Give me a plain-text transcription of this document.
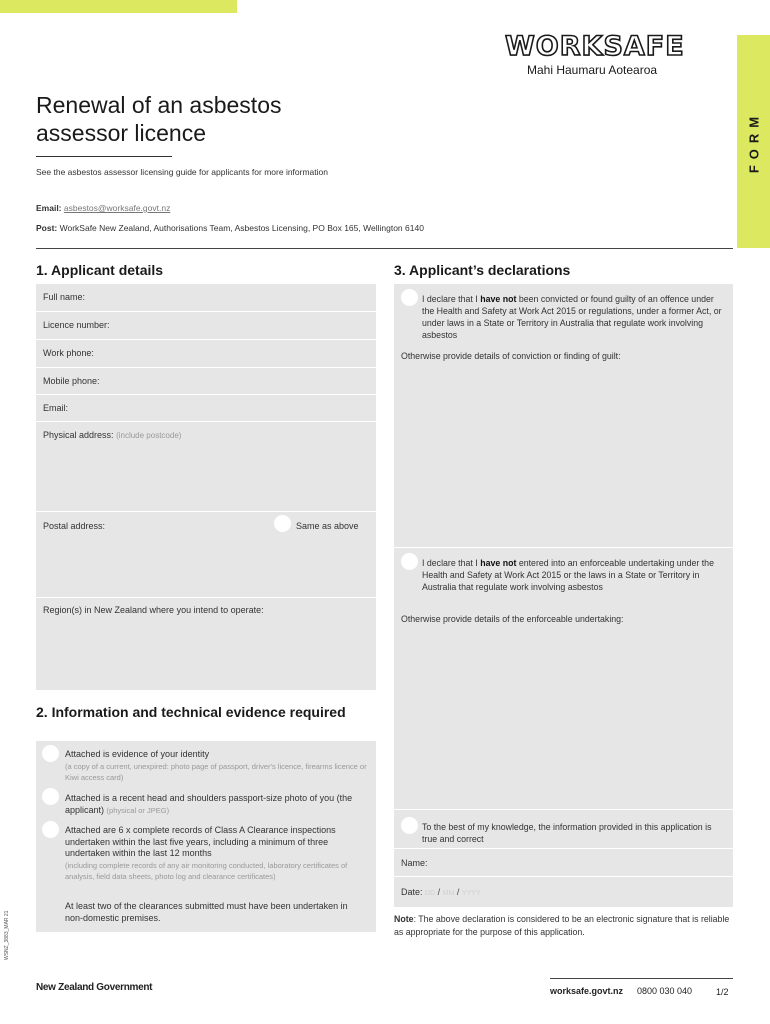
FORM
WORKSAFE
Mahi Haumaru Aotearoa
Renewal of an asbestos assessor licence
See the asbestos assessor licensing guide for applicants for more information
Email: asbestos@worksafe.govt.nz
Post: WorkSafe New Zealand, Authorisations Team, Asbestos Licensing, PO Box 165, Wellington 6140
1. Applicant details
Full name:
Licence number:
Work phone:
Mobile phone:
Email:
Physical address: (include postcode)
Postal address:	Same as above
Region(s) in New Zealand where you intend to operate:
2. Information and technical evidence required
Attached is evidence of your identity
(a copy of a current, unexpired: photo page of passport, driver's licence, firearms licence or Kiwi access card)
Attached is a recent head and shoulders passport-size photo of you (the applicant) (physical or JPEG)
Attached are 6 x complete records of Class A Clearance inspections undertaken within the last five years, including a minimum of three undertaken within the last 12 months
(including complete records of any air monitoring conducted, laboratory certificates of analysis, field data sheets, photo log and clearance certificates)
At least two of the clearances submitted must have been undertaken in non-domestic premises.
3. Applicant’s declarations
I declare that I have not been convicted or found guilty of an offence under the Health and Safety at Work Act 2015 or regulations, under a former Act, or under laws in a State or Territory in Australia that regulate work involving asbestos
Otherwise provide details of conviction or finding of guilt:
I declare that I have not entered into an enforceable undertaking under the Health and Safety at Work Act 2015 or the laws in a State or Territory in Australia that regulate work involving asbestos
Otherwise provide details of the enforceable undertaking:
To the best of my knowledge, the information provided in this application is true and correct
Name:
Date: DD / MM / YYYY
Note: The above declaration is considered to be an electronic signature that is reliable as appropriate for the purpose of this application.
WSNZ_3883_MAR 21
New Zealand Government	worksafe.govt.nz 0800 030 040	1/2
